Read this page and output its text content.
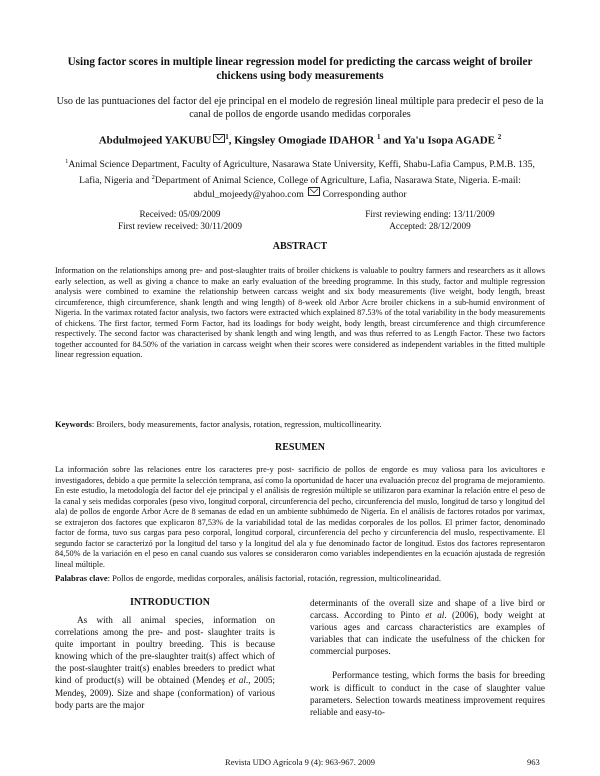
Using factor scores in multiple linear regression model for predicting the carcass weight of broiler chickens using body measurements
Uso de las puntuaciones del factor del eje principal en el modelo de regresión lineal múltiple para predecir el peso de la canal de pollos de engorde usando medidas corporales
Abdulmojeed YAKUBU $^1$, Kingsley Omogiade IDAHOR $^1$ and Ya'u Isopa AGADE $^2$
$^1$Animal Science Department, Faculty of Agriculture, Nasarawa State University, Keffi, Shabu-Lafia Campus, P.M.B. 135, Lafia, Nigeria and $^2$Department of Animal Science, College of Agriculture, Lafia, Nasarawa State, Nigeria. E-mail: abdul_mojeedy@yahoo.com Corresponding author
Received: 05/09/2009
First review received: 30/11/2009
First reviewing ending: 13/11/2009
Accepted: 28/12/2009
ABSTRACT
Information on the relationships among pre- and post-slaughter traits of broiler chickens is valuable to poultry farmers and researchers as it allows early selection, as well as giving a chance to make an early evaluation of the breeding programme. In this study, factor and multiple regression analysis were combined to examine the relationship between carcass weight and six body measurements (live weight, body length, breast circumference, thigh circumference, shank length and wing length) of 8-week old Arbor Acre broiler chickens in a sub-humid environment of Nigeria. In the varimax rotated factor analysis, two factors were extracted which explained 87.53% of the total variability in the body measurements of chickens. The first factor, termed Form Factor, had its loadings for body weight, body length, breast circumference and thigh circumference respectively. The second factor was characterised by shank length and wing length, and was thus referred to as Length Factor. These two factors together accounted for 84.50% of the variation in carcass weight when their scores were considered as independent variables in the fitted multiple linear regression equation.
Keywords: Broilers, body measurements, factor analysis, rotation, regression, multicollinearity.
RESUMEN
La información sobre las relaciones entre los caracteres pre-y post- sacrificio de pollos de engorde es muy valiosa para los avicultores e investigadores, debido a que permite la selección temprana, así como la oportunidad de hacer una evaluación precoz del programa de mejoramiento. En este estudio, la metodología del factor del eje principal y el análisis de regresión múltiple se utilizaron para examinar la relación entre el peso de la canal y seis medidas corporales (peso vivo, longitud corporal, circunferencia del pecho, circunferencia del muslo, longitud de tarso y longitud del ala) de pollos de engorde Arbor Acre de 8 semanas de edad en un ambiente subhúmedo de Nigeria. En el análisis de factores rotados por varimax, se extrajeron dos factores que explicaron 87,53% de la variabilidad total de las medidas corporales de los pollos. El primer factor, denominado factor de forma, tuvo sus cargas para peso corporal, longitud corporal, circunferencia del pecho y circunferencia del muslo, respectivamente. El segundo factor se caracterizó por la longitud del tarso y la longitud del ala y fue denominado factor de longitud. Estos dos factores representaron 84,50% de la variación en el peso en canal cuando sus valores se consideraron como variables independientes en la ecuación ajustada de regresión lineal múltiple.
Palabras clave: Pollos de engorde, medidas corporales, análisis factorial, rotación, regression, multicolinearidad.
INTRODUCTION

As with all animal species, information on correlations among the pre- and post- slaughter traits is quite important in poultry breeding. This is because knowing which of the pre-slaughter trait(s) affect which of the post-slaughter trait(s) enables breeders to predict what kind of product(s) will be obtained (Mendeş et al., 2005; Mendeş, 2009). Size and shape (conformation) of various body parts are the major

determinants of the overall size and shape of a live bird or carcass. According to Pinto et al. (2006), body weight at various ages and carcass characteristics are examples of variables that can indicate the usefulness of the chicken for commercial purposes.

Performance testing, which forms the basis for breeding work is difficult to conduct in the case of slaughter value parameters. Selection towards meatiness improvement requires reliable and easy-to-

Revista UDO Agrícola 9 (4): 963-967. 2009	963
